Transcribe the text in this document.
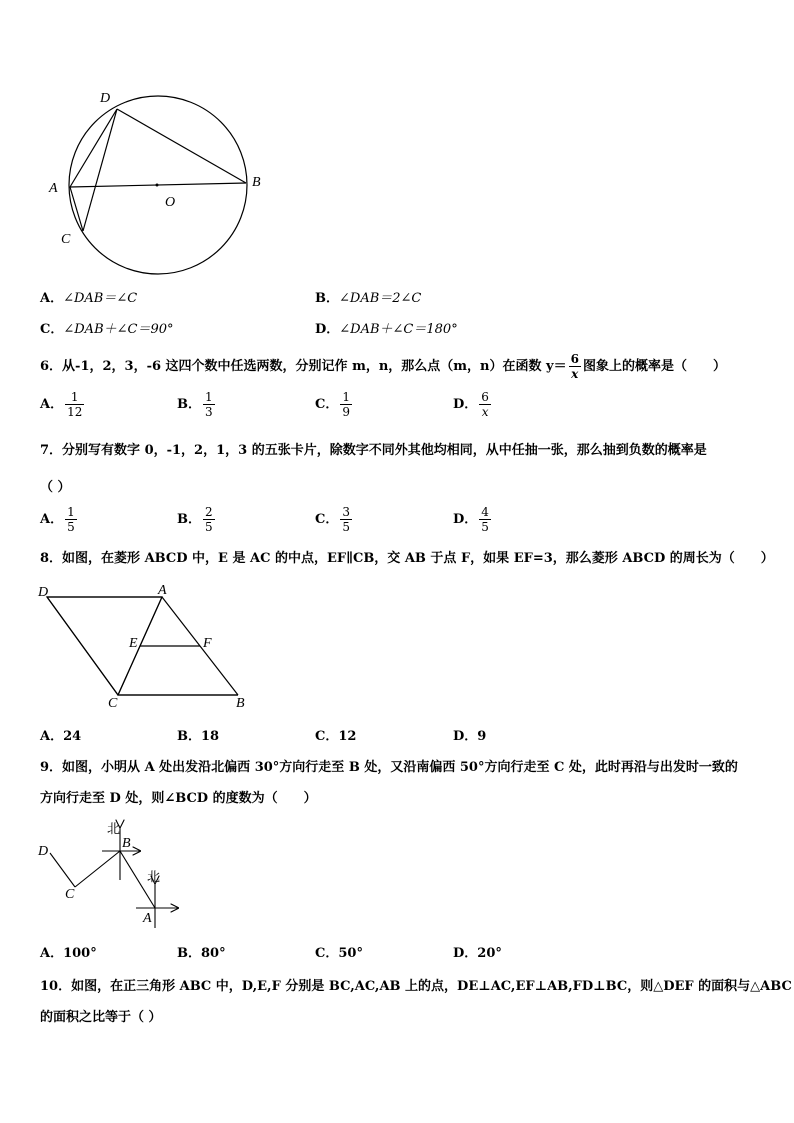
D
A	B
O
C
A．∠DAB＝∠C	B．∠DAB＝2∠C
C．∠DAB＋∠C＝90°	D．∠DAB＋∠C＝180°
6．从-1，2，3，-6 这四个数中任选两数，分别记作 m，n，那么点（m，n）在函数 $y= \frac{6}{x}$ 图象上的概率是（　　）
A． $\frac{1}{12}$	B． $\frac{1}{3}$	C． $\frac{1}{9}$	D． $\frac{6}{x}$
7．分别写有数字 0，-1，2，1，3 的五张卡片，除数字不同外其他均相同，从中任抽一张，那么抽到负数的概率是
（ ）
A． $\frac{1}{5}$	B． $\frac{2}{5}$	C． $\frac{3}{5}$	D． $\frac{4}{5}$
8．如图，在菱形 ABCD 中，E 是 AC 的中点，EF∥CB，交 AB 于点 F，如果 EF=3，那么菱形 ABCD 的周长为（　　）
D	A
E	F
C	B
A．24	B．18	C．12	D．9
9．如图，小明从 A 处出发沿北偏西 30°方向行走至 B 处，又沿南偏西 50°方向行走至 C 处，此时再沿与出发时一致的
方向行走至 D 处，则∠BCD 的度数为（　　）
北
北
B
A
C
D
A．100°	B．80°	C．50°	D．20°
10．如图，在正三角形 ABC 中，D,E,F 分别是 BC,AC,AB 上的点，DE⊥AC,EF⊥AB,FD⊥BC，则△DEF 的面积与△ABC
的面积之比等于（ ）
